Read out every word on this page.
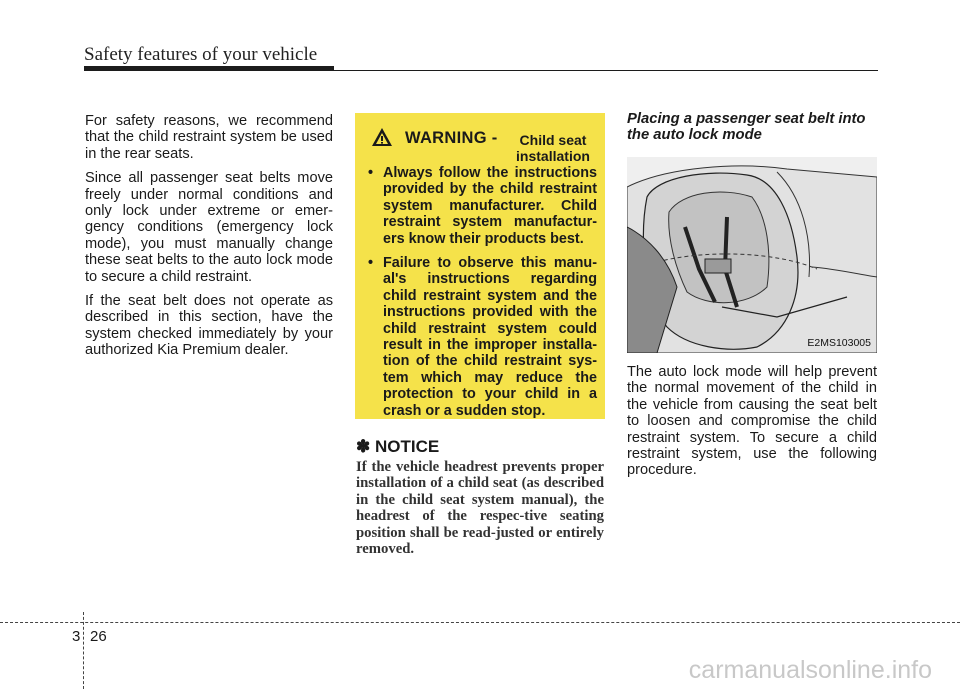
Safety features of your vehicle

For safety reasons, we recommend that the child restraint system be used in the rear seats.

Since all passenger seat belts move freely under normal conditions and only lock under extreme or emer-gency conditions (emergency lock mode), you must manually change these seat belts to the auto lock mode to secure a child restraint.

If the seat belt does not operate as described in this section, have the system checked immediately by your authorized Kia Premium dealer.

WARNING -	Child seat installation
• Always follow the instructions provided by the child restraint system manufacturer. Child restraint system manufactur-ers know their products best.
• Failure to observe this manu-al's instructions regarding child restraint system and the instructions provided with the child restraint system could result in the improper installa-tion of the child restraint sys-tem which may reduce the protection to your child in a crash or a sudden stop.
✽ NOTICE
If the vehicle headrest prevents proper installation of a child seat (as described in the child seat system manual), the headrest of the respec-tive seating position shall be read-justed or entirely removed.
Placing a passenger seat belt into the auto lock mode
E2MS103005
The auto lock mode will help prevent the normal movement of the child in the vehicle from causing the seat belt to loosen and compromise the child restraint system. To secure a child restraint system, use the following procedure.
3 26
carmanualsonline.info
